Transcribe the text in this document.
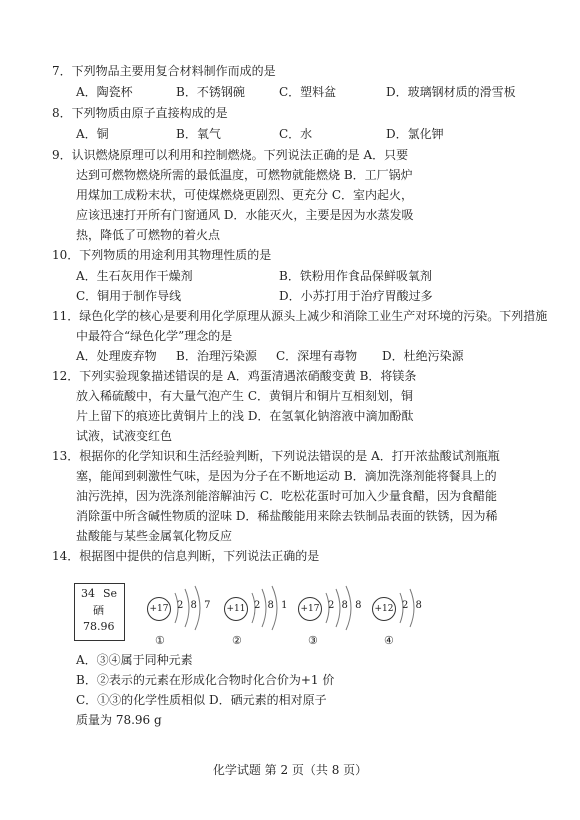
7．下列物品主要用复合材料制作而成的是
A．陶瓷杯	B．不锈钢碗	C．塑料盆	D．玻璃钢材质的滑雪板
8．下列物质由原子直接构成的是
A．铜	B．氧气	C．水	D．氯化钾
9．认识燃烧原理可以利用和控制燃烧。下列说法正确的是 A．只要
达到可燃物燃烧所需的最低温度，可燃物就能燃烧 B．工厂锅炉
用煤加工成粉末状，可使煤燃烧更剧烈、更充分 C．室内起火，
应该迅速打开所有门窗通风 D．水能灭火，主要是因为水蒸发吸
热，降低了可燃物的着火点
10．下列物质的用途利用其物理性质的是
A．生石灰用作干燥剂	B．铁粉用作食品保鲜吸氧剂
C．铜用于制作导线	D．小苏打用于治疗胃酸过多
11．绿色化学的核心是要利用化学原理从源头上减少和消除工业生产对环境的污染。下列措施
中最符合“绿色化学”理念的是
A．处理废弃物 B．治理污染源 C．深埋有毒物 D．杜绝污染源
12．下列实验现象描述错误的是 A．鸡蛋清遇浓硝酸变黄 B．将镁条
放入稀硫酸中，有大量气泡产生 C．黄铜片和铜片互相刻划，铜
片上留下的痕迹比黄铜片上的浅 D．在氢氧化钠溶液中滴加酚酞
试液，试液变红色
13．根据你的化学知识和生活经验判断，下列说法错误的是 A．打开浓盐酸试剂瓶瓶
塞，能闻到刺激性气味，是因为分子在不断地运动 B．滴加洗涤剂能将餐具上的
油污洗掉，因为洗涤剂能溶解油污 C．吃松花蛋时可加入少量食醋，因为食醋能
消除蛋中所含碱性物质的涩味 D．稀盐酸能用来除去铁制品表面的铁锈，因为稀
盐酸能与某些金属氧化物反应
14．根据图中提供的信息判断，下列说法正确的是
34 Se
硒
78.96
+17 2 8 7
①
+11 2 8 1
②
+17 2 8 8
③
+12 2 8
④
A．③④属于同种元素
B．②表示的元素在形成化合物时化合价为+1 价
C．①③的化学性质相似 D．硒元素的相对原子
质量为 78.96 g
化学试题 第 2 页（共 8 页）
